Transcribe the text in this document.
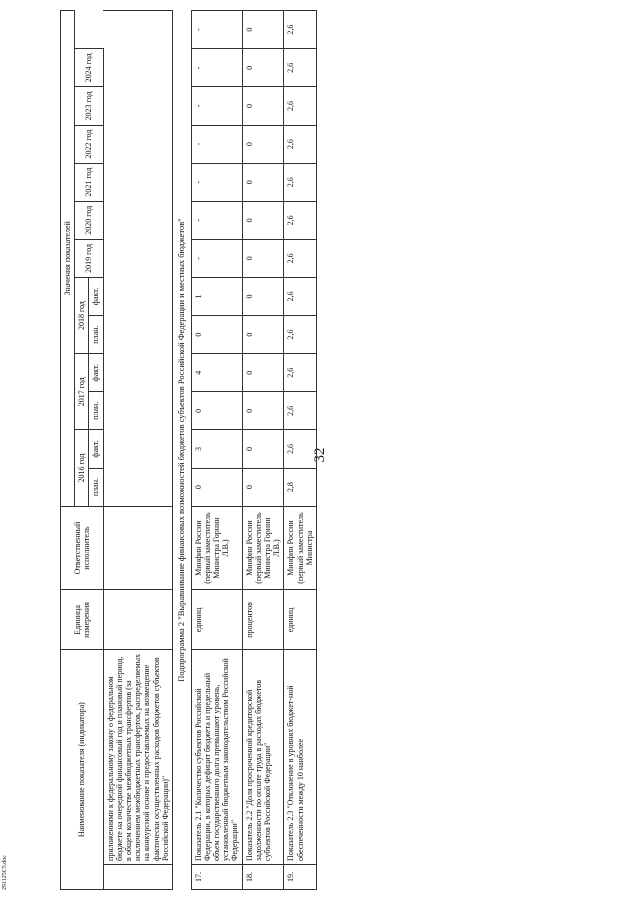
32
Наименование показателя (индикатора)		Единица измерения	Ответственный исполнитель	Значения показателей												
				2016 год		2017 год		2018 год		2019 год	2020 год	2021 год	2022 год	2023 год	2024 год	
				план.	факт.	план.	факт.	план.	факт.							
	приложениями к федеральному закону о федеральном бюджете на очередной финансовый год и плановый период, в общем количестве межбюджетных трансфертов (за исключением межбюджетных трансфертов, распределяемых на конкурсной основе и предоставляемых на возмещение фактически осуществленных расходов бюджетов субъектов Российской Федерации)"															
Подпрограмма 2 "Выравнивание финансовых возможностей бюджетов субъектов Российской Федерации и местных бюджетов"																
17.	Показатель 2.1 "Количество субъектов Российской Федерации, в которых дефицит бюджета и предельный объем государственного долга превышают уровень, установленный бюджетным законодательством Российской Федерации"	единиц	Минфин России (первый заместитель Министра Горнин Л.В.)	0	3	0	4	0	1	-	-	-	-	-	-	-
18.	Показатель 2.2 "Доля просроченной кредиторской задолженности по оплате труда в расходах бюджетов субъектов Российской Федерации"	процентов	Минфин России (первый заместитель Министра Горнин Л.В.)	0	0	0	0	0	0	0	0	0	0	0	0	0
19.	Показатель 2.3 "Отклонение в уровнях бюджет-ной обеспеченности между 10 наиболее	единиц	Минфин России (первый заместитель Министра	2,8	2,6	2,6	2,6	2,6	2,6	2,6	2,6	2,6	2,6	2,6	2,6	2,6
291125C5.doc
